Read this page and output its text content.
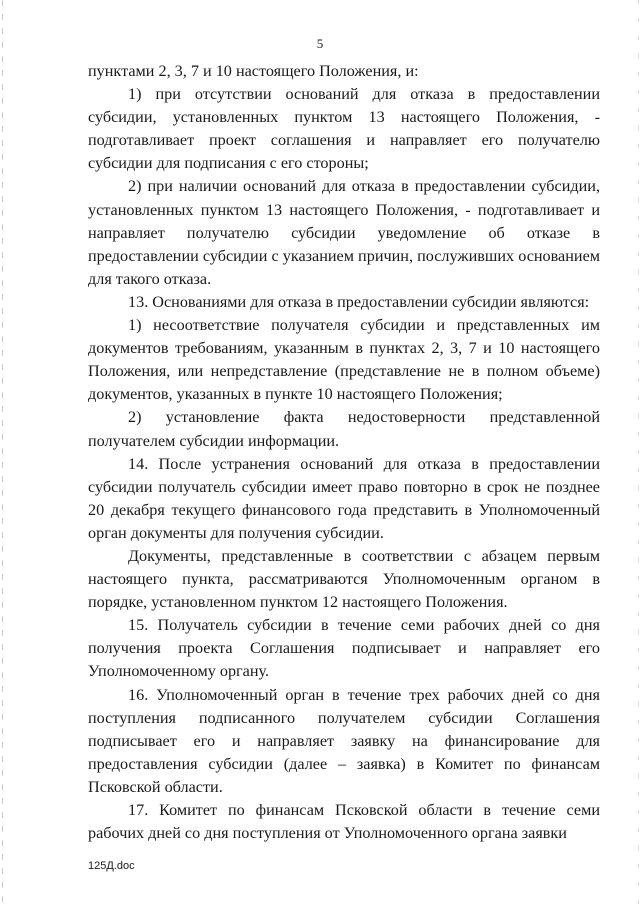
5

пунктами 2, 3, 7 и 10 настоящего Положения, и:

1) при отсутствии оснований для отказа в предоставлении субсидии, установленных пунктом 13 настоящего Положения, - подготавливает проект соглашения и направляет его получателю субсидии для подписания с его стороны;

2) при наличии оснований для отказа в предоставлении субсидии, установленных пунктом 13 настоящего Положения, - подготавливает и направляет получателю субсидии уведомление об отказе в предоставлении субсидии с указанием причин, послуживших основанием для такого отказа.

13. Основаниями для отказа в предоставлении субсидии являются:

1) несоответствие получателя субсидии и представленных им документов требованиям, указанным в пунктах 2, 3, 7 и 10 настоящего Положения, или непредставление (представление не в полном объеме) документов, указанных в пункте 10 настоящего Положения;

2) установление факта недостоверности представленной получателем субсидии информации.

14. После устранения оснований для отказа в предоставлении субсидии получатель субсидии имеет право повторно в срок не позднее 20 декабря текущего финансового года представить в Уполномоченный орган документы для получения субсидии.

Документы, представленные в соответствии с абзацем первым настоящего пункта, рассматриваются Уполномоченным органом в порядке, установленном пунктом 12 настоящего Положения.

15. Получатель субсидии в течение семи рабочих дней со дня получения проекта Соглашения подписывает и направляет его Уполномоченному органу.

16. Уполномоченный орган в течение трех рабочих дней со дня поступления подписанного получателем субсидии Соглашения подписывает его и направляет заявку на финансирование для предоставления субсидии (далее – заявка) в Комитет по финансам Псковской области.

17. Комитет по финансам Псковской области в течение семи рабочих дней со дня поступления от Уполномоченного органа заявки

125Д.doc
